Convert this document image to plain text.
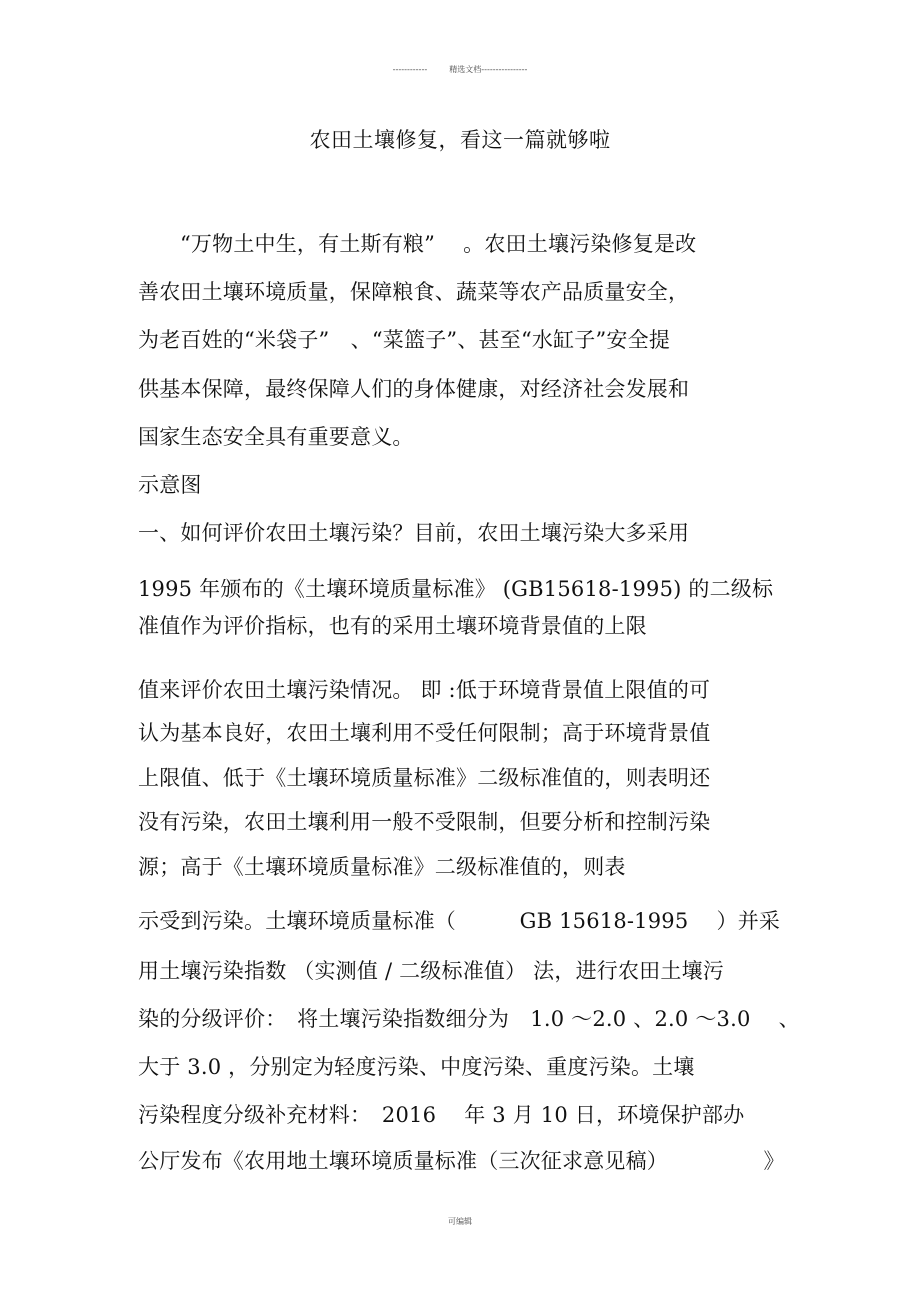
------------	精选文档----------------
农田土壤修复，看这一篇就够啦
“万物土中生，有土斯有粮”　 。农田土壤污染修复是改
善农田土壤环境质量，保障粮食、蔬菜等农产品质量安全，
为老百姓的“米袋子”　、“菜篮子”、甚至“水缸子”安全提
供基本保障，最终保障人们的身体健康，对经济社会发展和
国家生态安全具有重要意义。
示意图
一、如何评价农田土壤污染？目前，农田土壤污染大多采用
1995 年颁布的《土壤环境质量标准》 (GB15618-1995) 的二级标
准值作为评价指标，也有的采用土壤环境背景值的上限
值来评价农田土壤污染情况。 即 :低于环境背景值上限值的可
认为基本良好，农田土壤利用不受任何限制；高于环境背景值
上限值、低于《土壤环境质量标准》二级标准值的，则表明还
没有污染，农田土壤利用一般不受限制，但要分析和控制污染
源；高于《土壤环境质量标准》二级标准值的，则表
示受到污染。土壤环境质量标准（　　　GB 15618-1995　 ）并采
用土壤污染指数 （实测值 / 二级标准值） 法，进行农田土壤污
染的分级评价：　将土壤污染指数细分为　1.0 ～2.0 、2.0 ～3.0 　、
大于 3.0 ，分别定为轻度污染、中度污染、重度污染。土壤
污染程度分级补充材料：　2016　 年 3 月 10 日，环境保护部办
公厅发布《农用地土壤环境质量标准（三次征求意见稿）　　　　　》
可编辑
